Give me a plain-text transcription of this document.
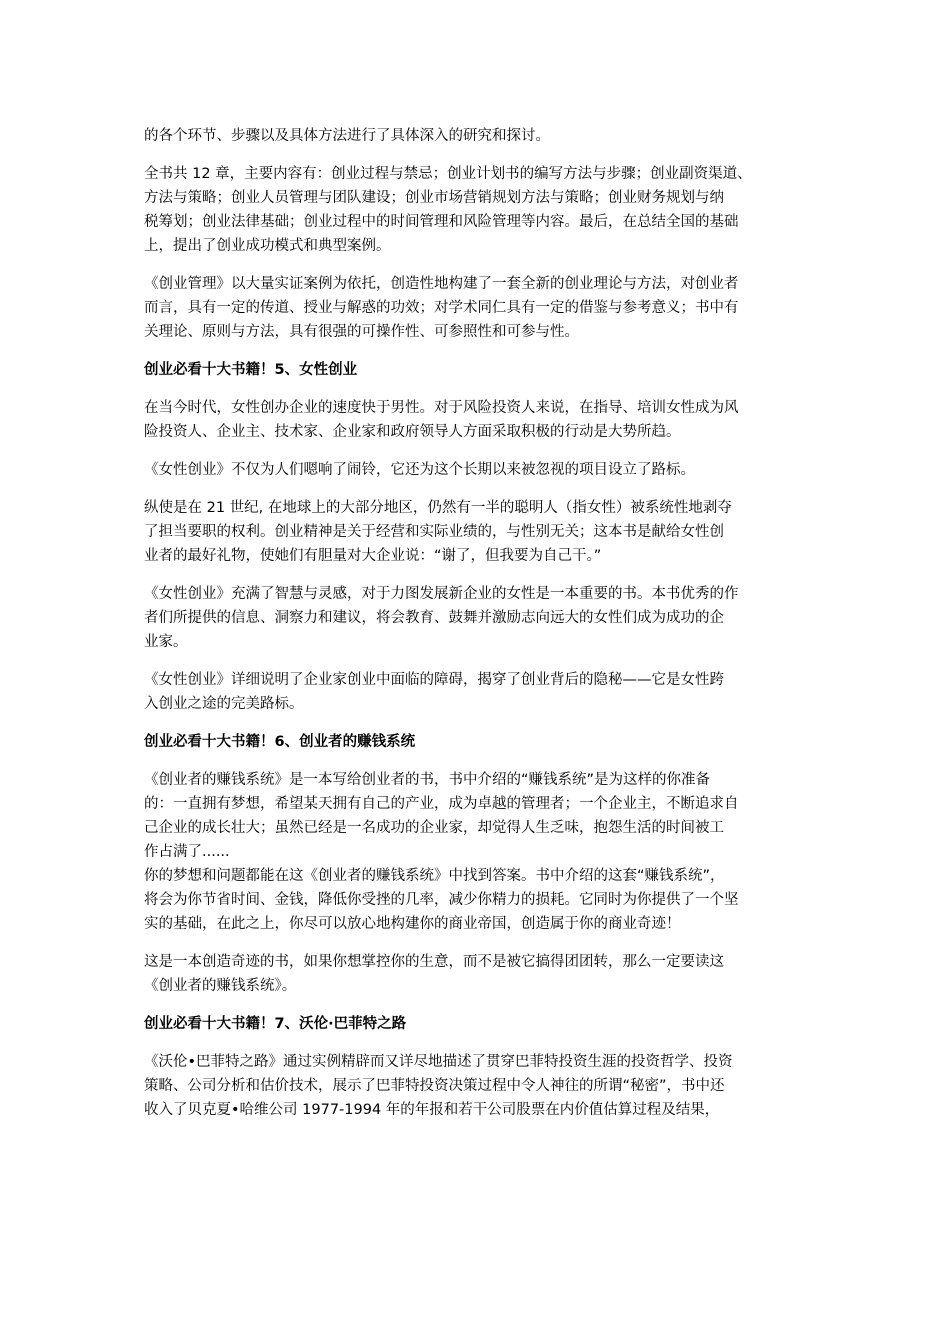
的各个环节、步骤以及具体方法进行了具体深入的研究和探讨。
全书共 12 章，主要内容有：创业过程与禁忌；创业计划书的编写方法与步骤；创业副资渠道、
方法与策略；创业人员管理与团队建设；创业市场营销规划方法与策略；创业财务规划与纳
税筹划；创业法律基础；创业过程中的时间管理和风险管理等内容。最后，在总结全国的基础
上，提出了创业成功模式和典型案例。
《创业管理》以大量实证案例为依托，创造性地构建了一套全新的创业理论与方法，对创业者
而言，具有一定的传道、授业与解惑的功效；对学术同仁具有一定的借鉴与参考意义；书中有
关理论、原则与方法，具有很强的可操作性、可参照性和可参与性。
创业必看十大书籍！5、女性创业
在当今时代，女性创办企业的速度快于男性。对于风险投资人来说，在指导、培训女性成为风
险投资人、企业主、技术家、企业家和政府领导人方面采取积极的行动是大势所趋。
《女性创业》不仅为人们嗯响了闹铃，它还为这个长期以来被忽视的项目设立了路标。
纵使是在 21 世纪, 在地球上的大部分地区，仍然有一半的聪明人（指女性）被系统性地剥夺
了担当要职的权利。创业精神是关于经营和实际业绩的，与性别无关；这本书是献给女性创
业者的最好礼物，使她们有胆量对大企业说：“谢了，但我要为自己干。”
《女性创业》充满了智慧与灵感，对于力图发展新企业的女性是一本重要的书。本书优秀的作
者们所提供的信息、洞察力和建议，将会教育、鼓舞并激励志向远大的女性们成为成功的企
业家。
《女性创业》详细说明了企业家创业中面临的障碍，揭穿了创业背后的隐秘——它是女性跨
入创业之途的完美路标。
创业必看十大书籍！6、创业者的赚钱系统
《创业者的赚钱系统》是一本写给创业者的书，书中介绍的“赚钱系统”是为这样的你准备
的：一直拥有梦想，希望某天拥有自己的产业，成为卓越的管理者；一个企业主，不断追求自
己企业的成长壮大；虽然已经是一名成功的企业家，却觉得人生乏味，抱怨生活的时间被工
作占满了......
你的梦想和问题都能在这《创业者的赚钱系统》中找到答案。书中介绍的这套“赚钱系统”，
将会为你节省时间、金钱，降低你受挫的几率，减少你精力的损耗。它同时为你提供了一个坚
实的基础，在此之上，你尽可以放心地构建你的商业帝国，创造属于你的商业奇迹！
这是一本创造奇迹的书，如果你想掌控你的生意，而不是被它搞得团团转，那么一定要读这
《创业者的赚钱系统》。
创业必看十大书籍！7、沃伦·巴菲特之路
《沃伦•巴菲特之路》通过实例精辟而又详尽地描述了贯穿巴菲特投资生涯的投资哲学、投资
策略、公司分析和估价技术，展示了巴菲特投资决策过程中令人神往的所谓“秘密”，书中还
收入了贝克夏•哈维公司 1977-1994 年的年报和若干公司股票在内价值估算过程及结果，
